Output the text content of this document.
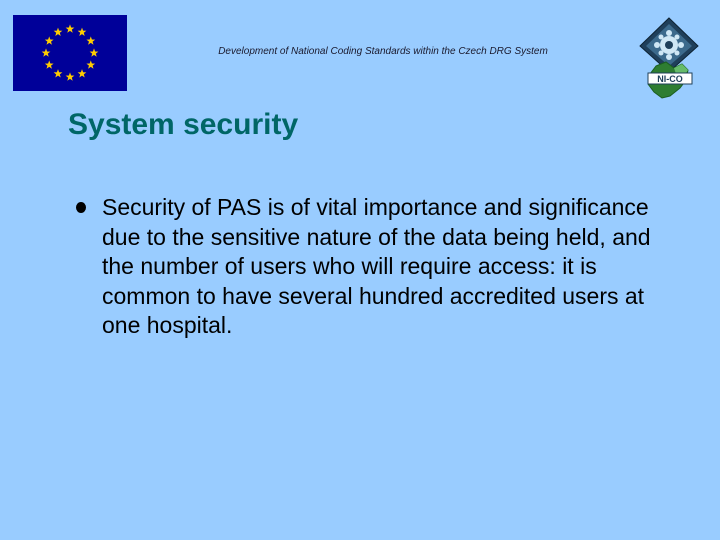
Development of National Coding Standards within the Czech DRG System
NI-CO
System security
Security of PAS is of vital importance and significance due to the sensitive nature of the data being held, and the number of users who will require access: it is common to have several hundred accredited users at one hospital.
